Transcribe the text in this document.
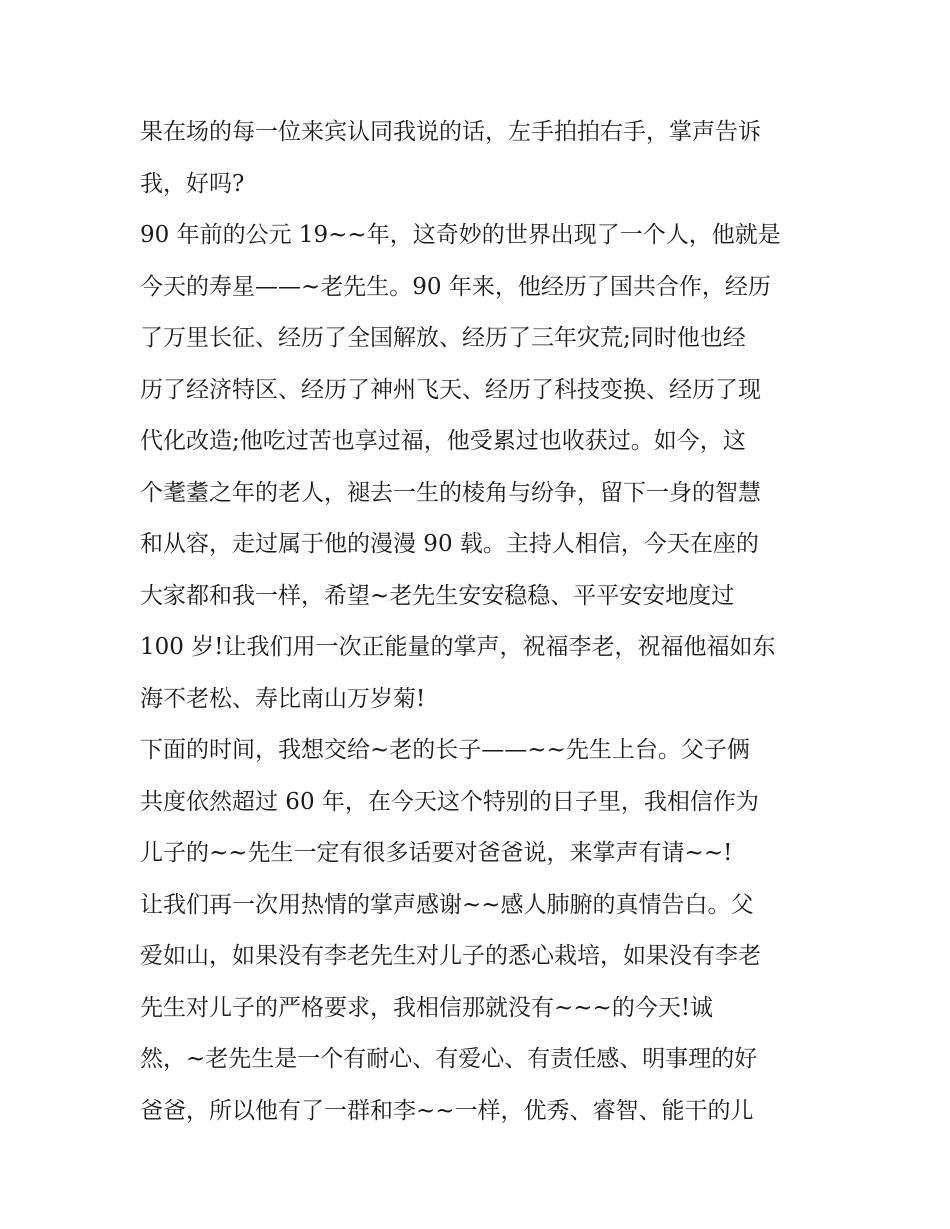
果在场的每一位来宾认同我说的话，左手拍拍右手，掌声告诉
我，好吗?
90 年前的公元 19~~年，这奇妙的世界出现了一个人，他就是
今天的寿星——~老先生。90 年来，他经历了国共合作，经历
了万里长征、经历了全国解放、经历了三年灾荒;同时他也经
历了经济特区、经历了神州飞天、经历了科技变换、经历了现
代化改造;他吃过苦也享过福，他受累过也收获过。如今，这
个耄耋之年的老人，褪去一生的棱角与纷争，留下一身的智慧
和从容，走过属于他的漫漫 90 载。主持人相信，今天在座的
大家都和我一样，希望~老先生安安稳稳、平平安安地度过
100 岁!让我们用一次正能量的掌声，祝福李老，祝福他福如东
海不老松、寿比南山万岁菊!
下面的时间，我想交给~老的长子——~~先生上台。父子俩
共度依然超过 60 年，在今天这个特别的日子里，我相信作为
儿子的~~先生一定有很多话要对爸爸说，来掌声有请~~!
让我们再一次用热情的掌声感谢~~感人肺腑的真情告白。父
爱如山，如果没有李老先生对儿子的悉心栽培，如果没有李老
先生对儿子的严格要求，我相信那就没有~~~的今天!诚
然，~老先生是一个有耐心、有爱心、有责任感、明事理的好
爸爸，所以他有了一群和李~~一样，优秀、睿智、能干的儿
